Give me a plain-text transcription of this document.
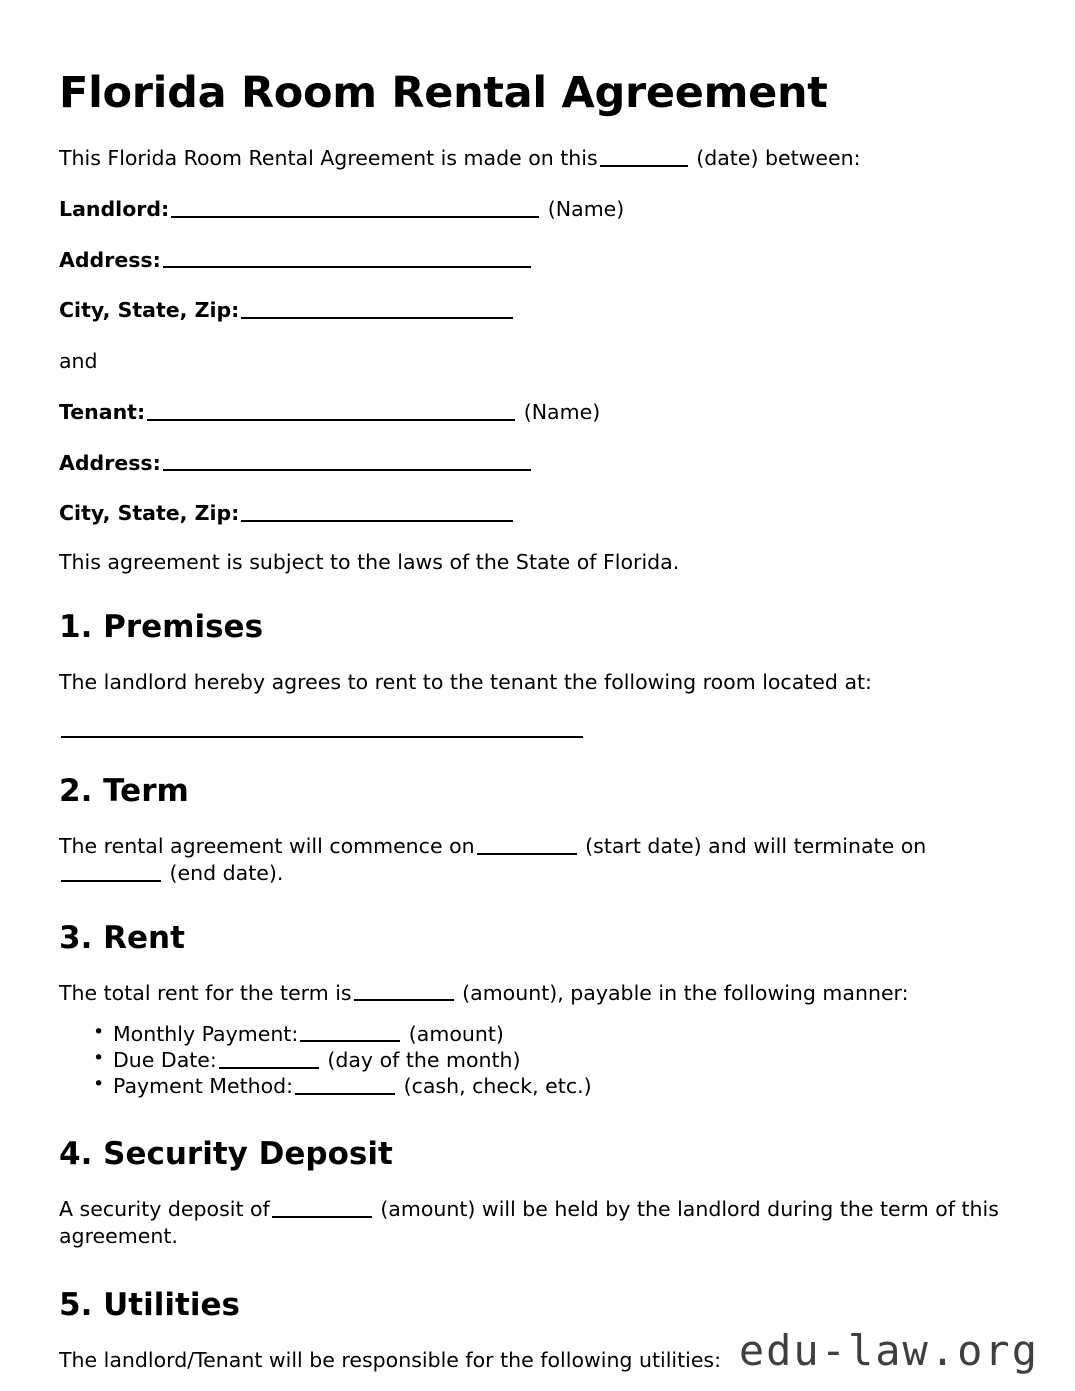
Florida Room Rental Agreement

This Florida Room Rental Agreement is made on this	(date) between:

Landlord:	(Name)

Address:

City, State, Zip:

and

Tenant:	(Name)

Address:

City, State, Zip:

This agreement is subject to the laws of the State of Florida.

1. Premises

The landlord hereby agrees to rent to the tenant the following room located at:

2. Term

The rental agreement will commence on	(start date) and will terminate on
(end date).

3. Rent

The total rent for the term is	(amount), payable in the following manner:

• Monthly Payment:	(amount)
• Due Date:	(day of the month)
• Payment Method:	(cash, check, etc.)
4. Security Deposit

A security deposit of	(amount) will be held by the landlord during the term of this agreement.

5. Utilities

The landlord/Tenant will be responsible for the following utilities: edu-law.org
